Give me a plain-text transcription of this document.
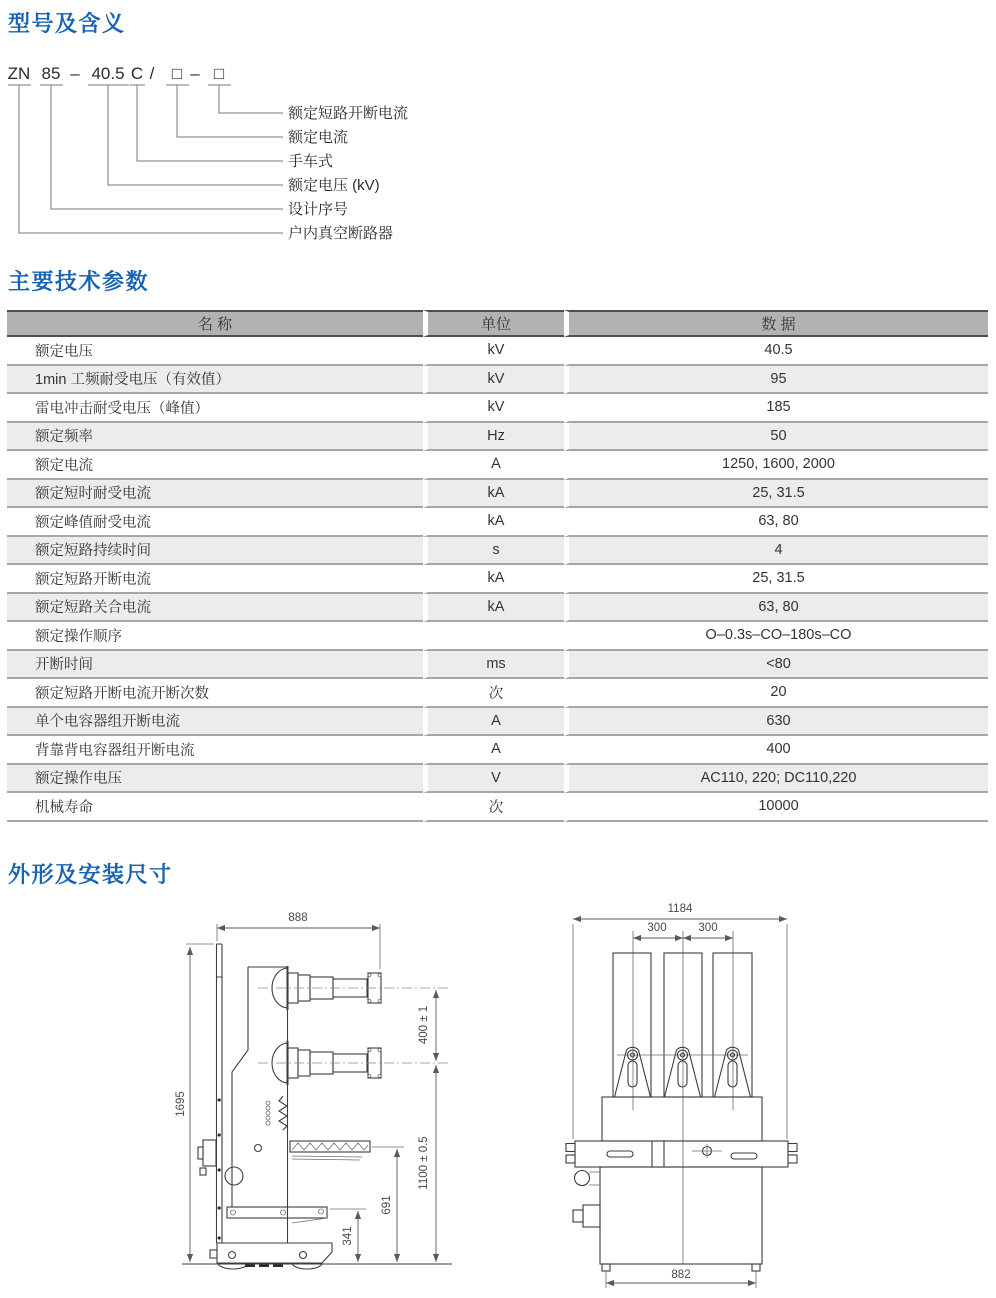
型号及含义
主要技术参数
外形及安装尺寸
ZN 85 – 40.5 C / □ – □
额定短路开断电流
额定电流
手车式
额定电压 (kV)
设计序号
户内真空断路器
名 称	单位	数 据
额定电压	kV	40.5
1min 工频耐受电压（有效值）	kV	95
雷电冲击耐受电压（峰值）	kV	185
额定频率	Hz	50
额定电流	A	1250, 1600, 2000
额定短时耐受电流	kA	25, 31.5
额定峰值耐受电流	kA	63, 80
额定短路持续时间	s	4
额定短路开断电流	kA	25, 31.5
额定短路关合电流	kA	63, 80
额定操作顺序		O–0.3s–CO–180s–CO
开断时间	ms	<80
额定短路开断电流开断次数	次	20
单个电容器组开断电流	A	630
背靠背电容器组开断电流	A	400
额定操作电压	V	AC110, 220; DC110,220
机械寿命	次	10000
888
1695
400 ± 1
1100 ± 0.5
691
341
1184
300	300
882
